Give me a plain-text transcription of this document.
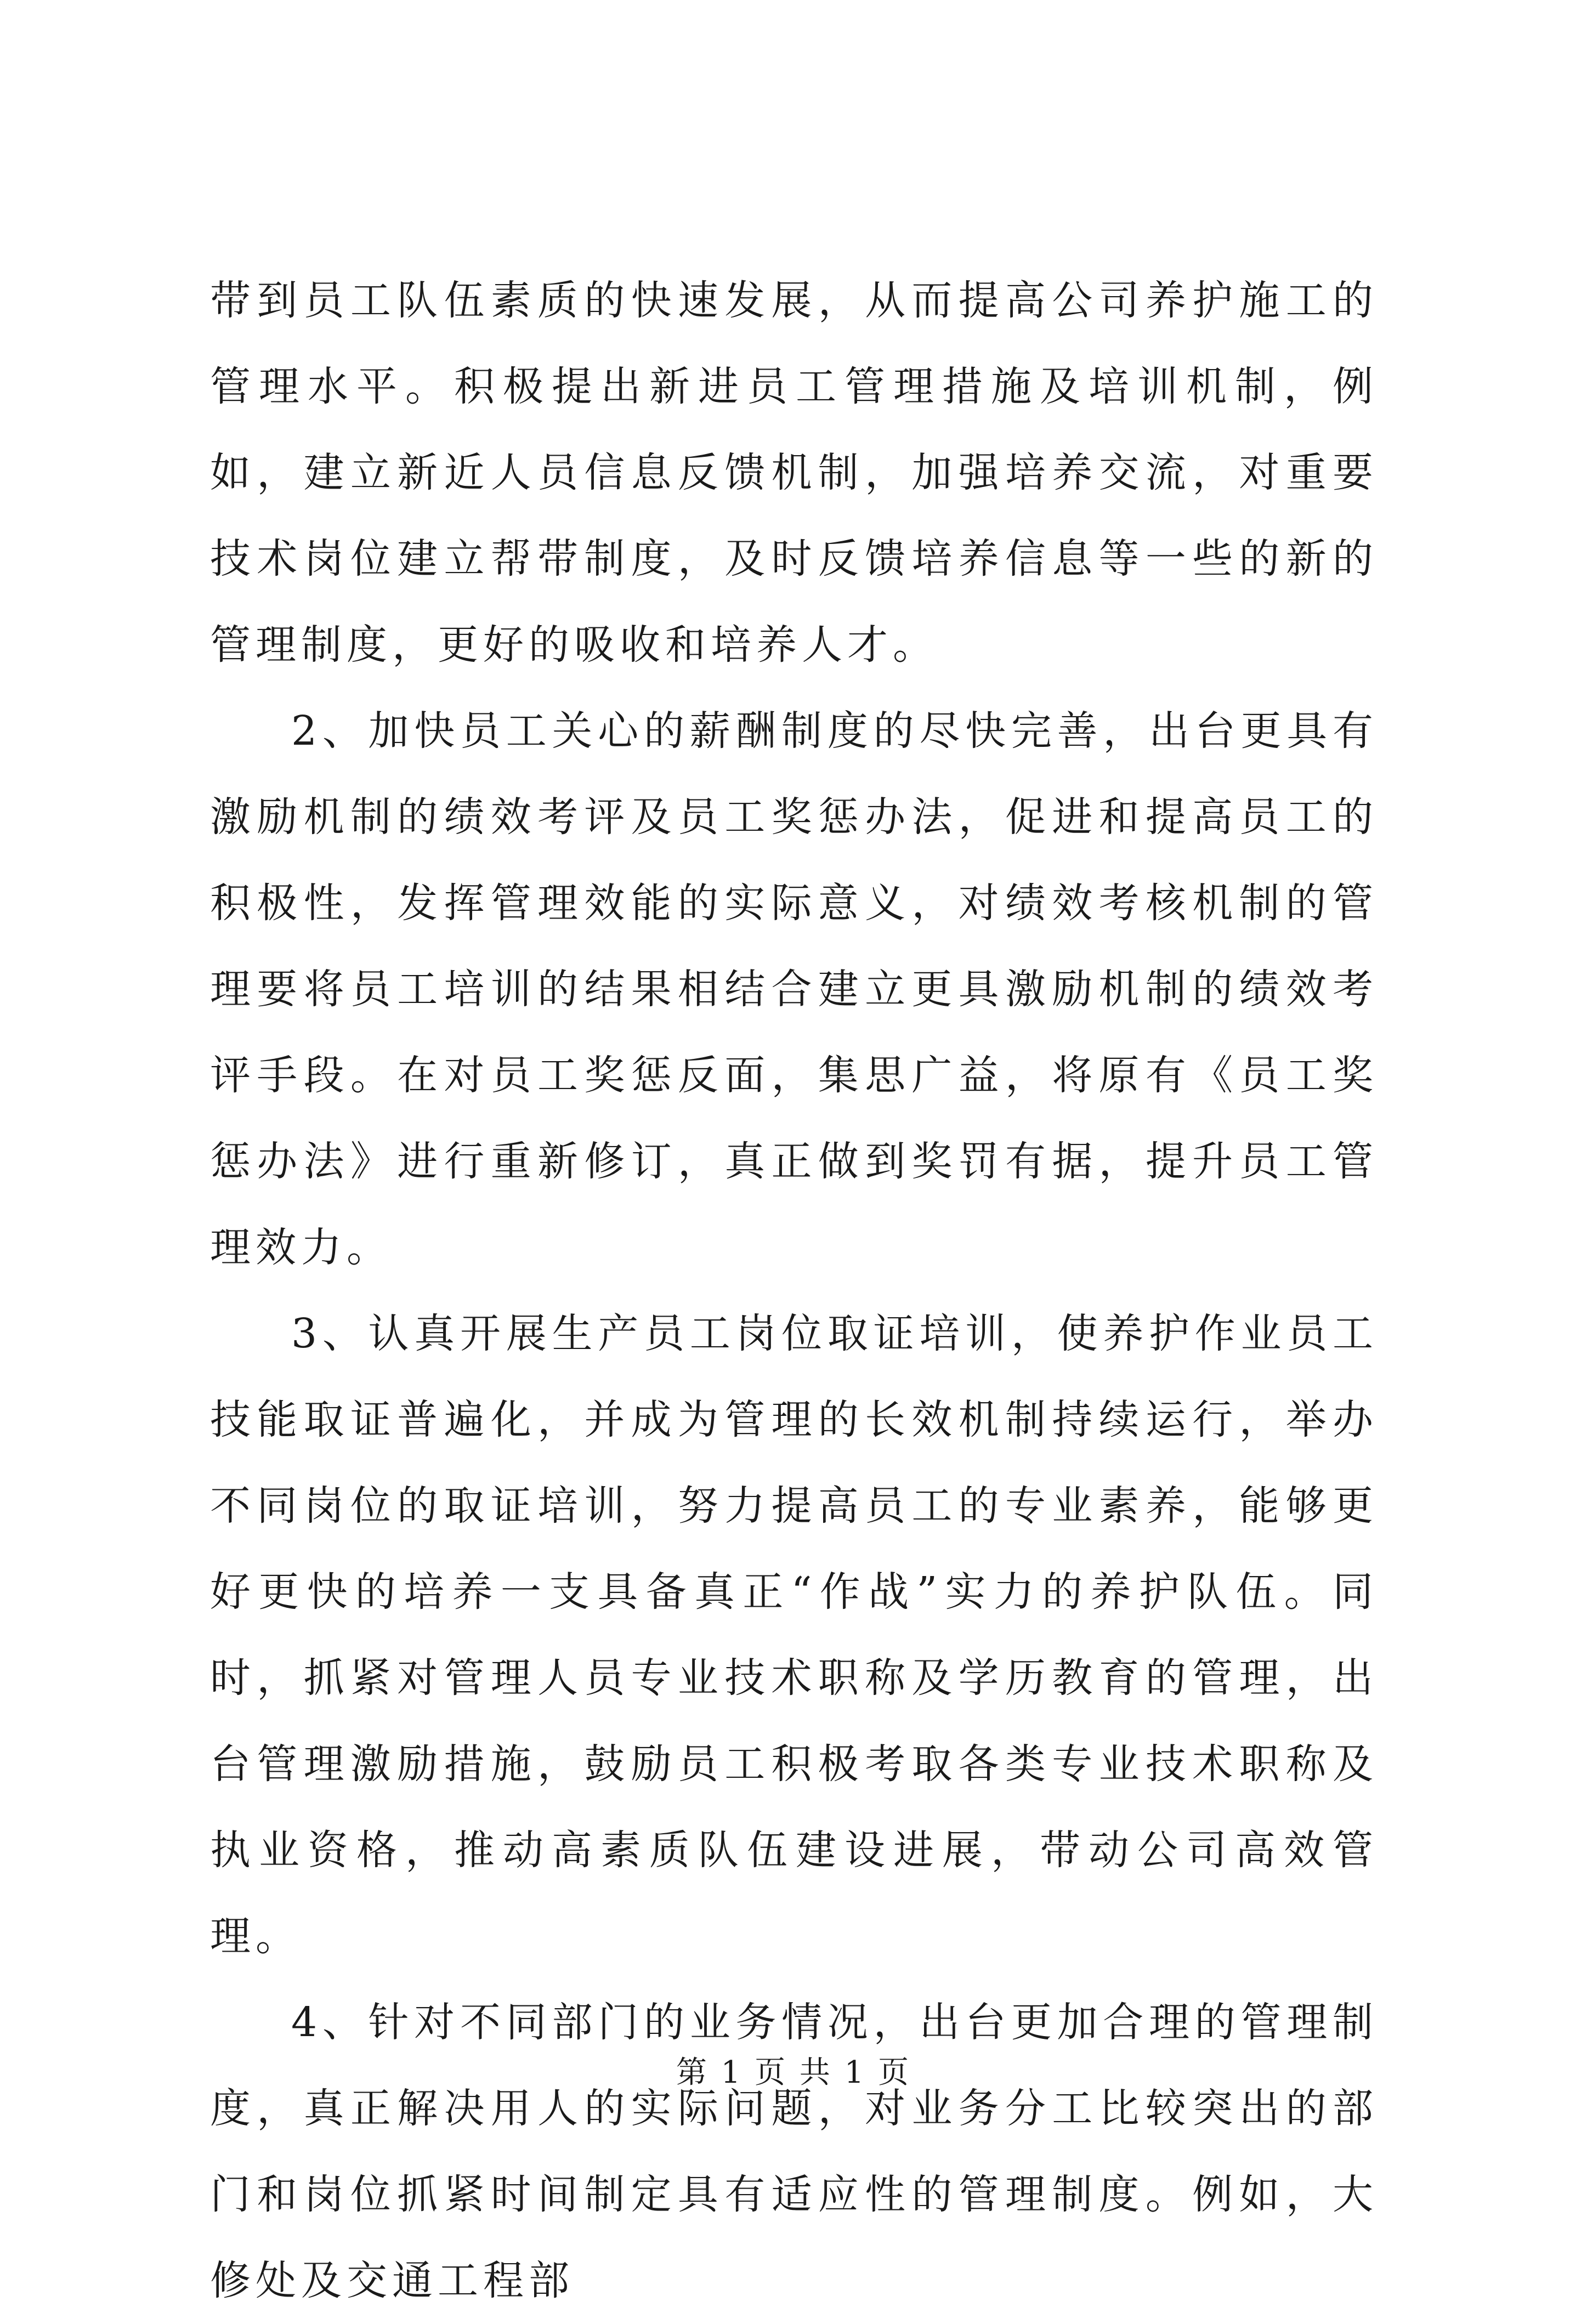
带到员工队伍素质的快速发展，从而提高公司养护施工的管理水平。积极提出新进员工管理措施及培训机制，例如，建立新近人员信息反馈机制，加强培养交流，对重要技术岗位建立帮带制度，及时反馈培养信息等一些的新的管理制度，更好的吸收和培养人才。

2、加快员工关心的薪酬制度的尽快完善，出台更具有激励机制的绩效考评及员工奖惩办法，促进和提高员工的积极性，发挥管理效能的实际意义，对绩效考核机制的管理要将员工培训的结果相结合建立更具激励机制的绩效考评手段。在对员工奖惩反面，集思广益，将原有《员工奖惩办法》进行重新修订，真正做到奖罚有据，提升员工管理效力。

3、认真开展生产员工岗位取证培训，使养护作业员工技能取证普遍化，并成为管理的长效机制持续运行，举办不同岗位的取证培训，努力提高员工的专业素养，能够更好更快的培养一支具备真正“作战”实力的养护队伍。同时，抓紧对管理人员专业技术职称及学历教育的管理，出台管理激励措施，鼓励员工积极考取各类专业技术职称及执业资格，推动高素质队伍建设进展，带动公司高效管理。

4、针对不同部门的业务情况，出台更加合理的管理制度，真正解决用人的实际问题，对业务分工比较突出的部门和岗位抓紧时间制定具有适应性的管理制度。例如，大修处及交通工程部

第 1 页 共 1 页
